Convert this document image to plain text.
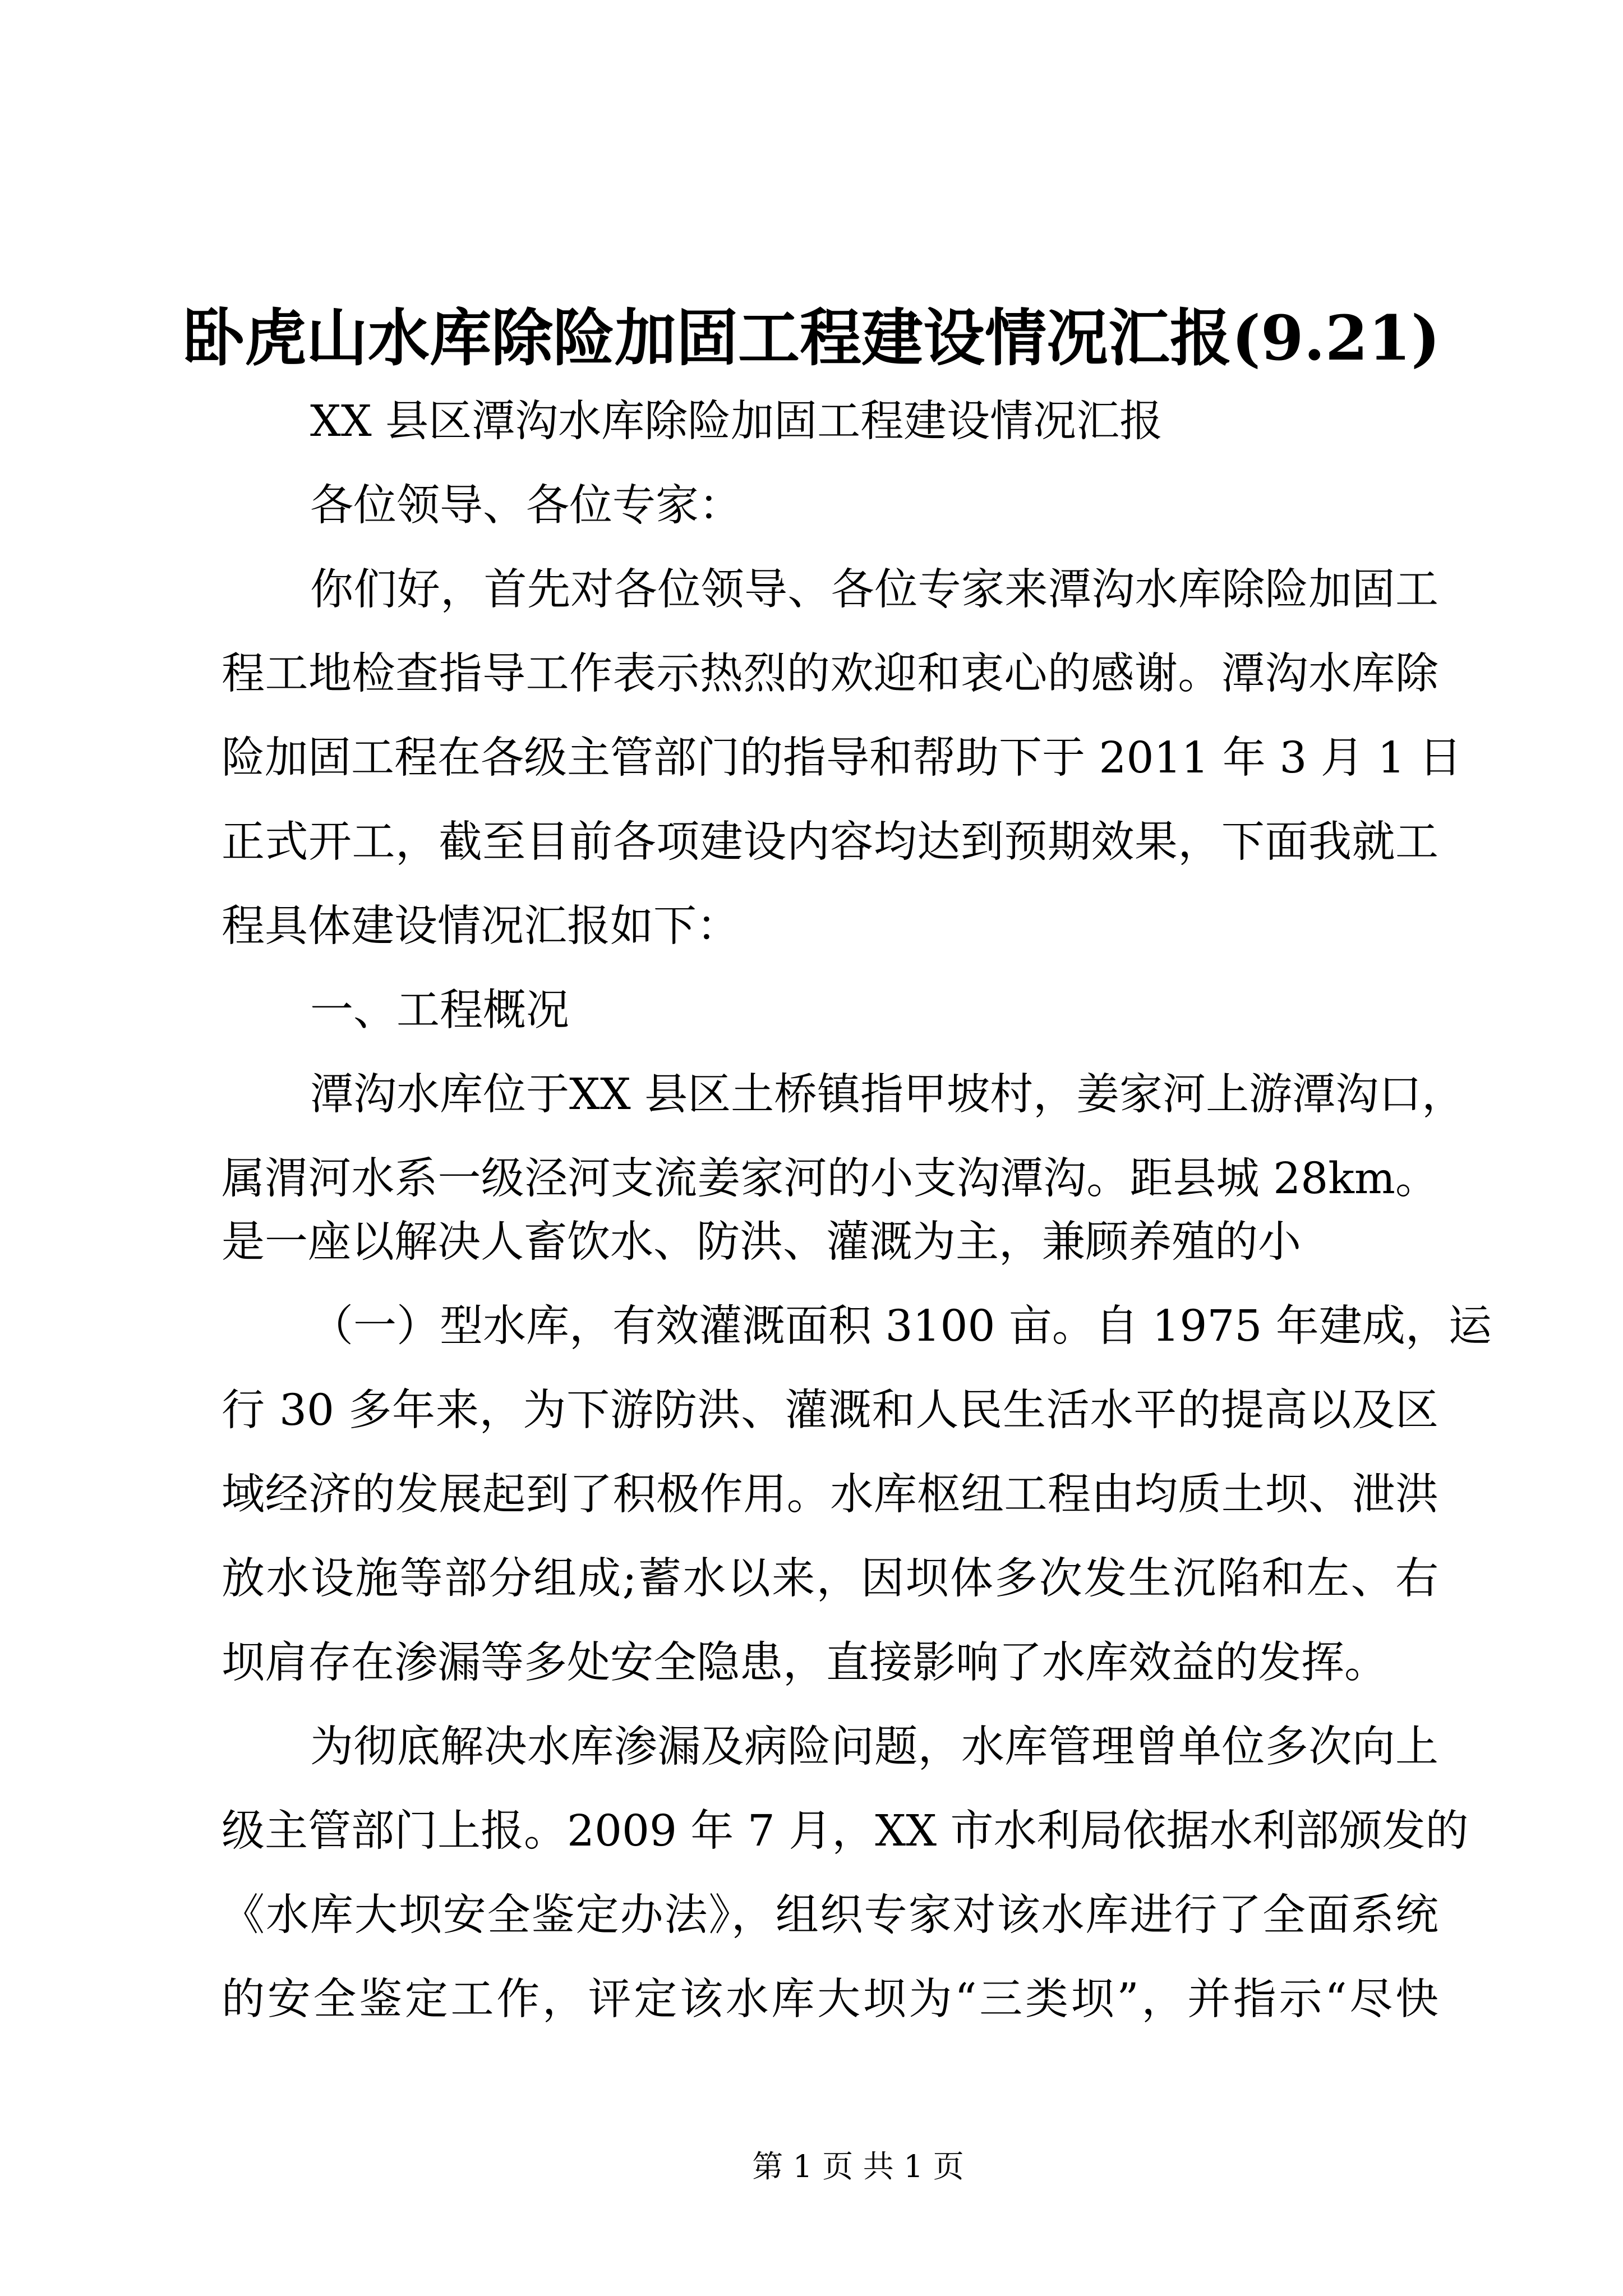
卧虎山水库除险加固工程建设情况汇报(9.21)
XX 县区潭沟水库除险加固工程建设情况汇报
各位领导、各位专家：
你们好，首先对各位领导、各位专家来潭沟水库除险加固工
程工地检查指导工作表示热烈的欢迎和衷心的感谢。潭沟水库除
险加固工程在各级主管部门的指导和帮助下于 2011 年 3 月 1 日
正式开工，截至目前各项建设内容均达到预期效果，下面我就工
程具体建设情况汇报如下：
一、工程概况
潭沟水库位于XX 县区土桥镇指甲坡村，姜家河上游潭沟口，
属渭河水系一级泾河支流姜家河的小支沟潭沟。距县城 28km。
是一座以解决人畜饮水、防洪、灌溉为主，兼顾养殖的小
（一）型水库，有效灌溉面积 3100 亩。自 1975 年建成，运
行 30 多年来，为下游防洪、灌溉和人民生活水平的提高以及区
域经济的发展起到了积极作用。水库枢纽工程由均质土坝、泄洪
放水设施等部分组成;蓄水以来，因坝体多次发生沉陷和左、右
坝肩存在渗漏等多处安全隐患，直接影响了水库效益的发挥。
为彻底解决水库渗漏及病险问题，水库管理曾单位多次向上
级主管部门上报。2009 年 7 月，XX 市水利局依据水利部颁发的
《水库大坝安全鉴定办法》，组织专家对该水库进行了全面系统
的安全鉴定工作，评定该水库大坝为“三类坝”，并指示“尽快
第 1 页 共 1 页
